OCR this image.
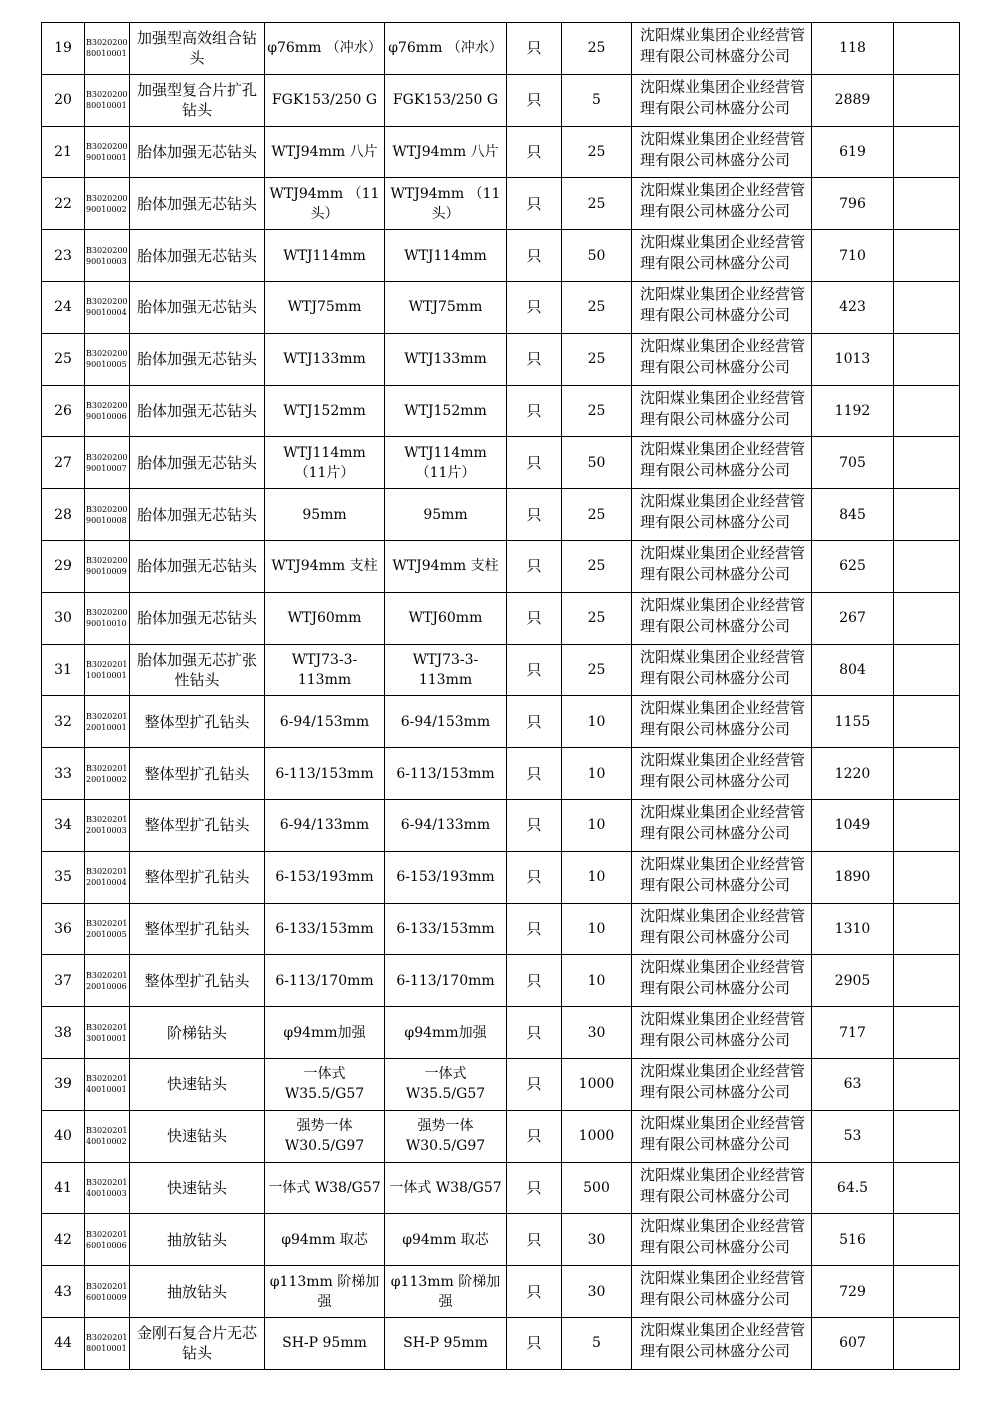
19	B3020200 80010001	加强型高效组合钻头	φ76mm （冲水）	φ76mm （冲水）	只	25	沈阳煤业集团企业经营管理有限公司林盛分公司	118	
20	B3020200 80010001	加强型复合片扩孔钻头	FGK153/250 G	FGK153/250 G	只	5	沈阳煤业集团企业经营管理有限公司林盛分公司	2889	
21	B3020200 90010001	胎体加强无芯钻头	WTJ94mm 八片	WTJ94mm 八片	只	25	沈阳煤业集团企业经营管理有限公司林盛分公司	619	
22	B3020200 90010002	胎体加强无芯钻头	WTJ94mm （11头）	WTJ94mm （11头）	只	25	沈阳煤业集团企业经营管理有限公司林盛分公司	796	
23	B3020200 90010003	胎体加强无芯钻头	WTJ114mm	WTJ114mm	只	50	沈阳煤业集团企业经营管理有限公司林盛分公司	710	
24	B3020200 90010004	胎体加强无芯钻头	WTJ75mm	WTJ75mm	只	25	沈阳煤业集团企业经营管理有限公司林盛分公司	423	
25	B3020200 90010005	胎体加强无芯钻头	WTJ133mm	WTJ133mm	只	25	沈阳煤业集团企业经营管理有限公司林盛分公司	1013	
26	B3020200 90010006	胎体加强无芯钻头	WTJ152mm	WTJ152mm	只	25	沈阳煤业集团企业经营管理有限公司林盛分公司	1192	
27	B3020200 90010007	胎体加强无芯钻头	WTJ114mm （11片）	WTJ114mm （11片）	只	50	沈阳煤业集团企业经营管理有限公司林盛分公司	705	
28	B3020200 90010008	胎体加强无芯钻头	95mm	95mm	只	25	沈阳煤业集团企业经营管理有限公司林盛分公司	845	
29	B3020200 90010009	胎体加强无芯钻头	WTJ94mm 支柱	WTJ94mm 支柱	只	25	沈阳煤业集团企业经营管理有限公司林盛分公司	625	
30	B3020200 90010010	胎体加强无芯钻头	WTJ60mm	WTJ60mm	只	25	沈阳煤业集团企业经营管理有限公司林盛分公司	267	
31	B3020201 10010001	胎体加强无芯扩张性钻头	WTJ73-3-113mm	WTJ73-3-113mm	只	25	沈阳煤业集团企业经营管理有限公司林盛分公司	804	
32	B3020201 20010001	整体型扩孔钻头	6-94/153mm	6-94/153mm	只	10	沈阳煤业集团企业经营管理有限公司林盛分公司	1155	
33	B3020201 20010002	整体型扩孔钻头	6-113/153mm	6-113/153mm	只	10	沈阳煤业集团企业经营管理有限公司林盛分公司	1220	
34	B3020201 20010003	整体型扩孔钻头	6-94/133mm	6-94/133mm	只	10	沈阳煤业集团企业经营管理有限公司林盛分公司	1049	
35	B3020201 20010004	整体型扩孔钻头	6-153/193mm	6-153/193mm	只	10	沈阳煤业集团企业经营管理有限公司林盛分公司	1890	
36	B3020201 20010005	整体型扩孔钻头	6-133/153mm	6-133/153mm	只	10	沈阳煤业集团企业经营管理有限公司林盛分公司	1310	
37	B3020201 20010006	整体型扩孔钻头	6-113/170mm	6-113/170mm	只	10	沈阳煤业集团企业经营管理有限公司林盛分公司	2905	
38	B3020201 30010001	阶梯钻头	φ94mm加强	φ94mm加强	只	30	沈阳煤业集团企业经营管理有限公司林盛分公司	717	
39	B3020201 40010001	快速钻头	一体式 W35.5/G57	一体式 W35.5/G57	只	1000	沈阳煤业集团企业经营管理有限公司林盛分公司	63	
40	B3020201 40010002	快速钻头	强势一体 W30.5/G97	强势一体 W30.5/G97	只	1000	沈阳煤业集团企业经营管理有限公司林盛分公司	53	
41	B3020201 40010003	快速钻头	一体式 W38/G57	一体式 W38/G57	只	500	沈阳煤业集团企业经营管理有限公司林盛分公司	64.5	
42	B3020201 60010006	抽放钻头	φ94mm 取芯	φ94mm 取芯	只	30	沈阳煤业集团企业经营管理有限公司林盛分公司	516	
43	B3020201 60010009	抽放钻头	φ113mm 阶梯加强	φ113mm 阶梯加强	只	30	沈阳煤业集团企业经营管理有限公司林盛分公司	729	
44	B3020201 80010001	金刚石复合片无芯钻头	SH-P 95mm	SH-P 95mm	只	5	沈阳煤业集团企业经营管理有限公司林盛分公司	607	
